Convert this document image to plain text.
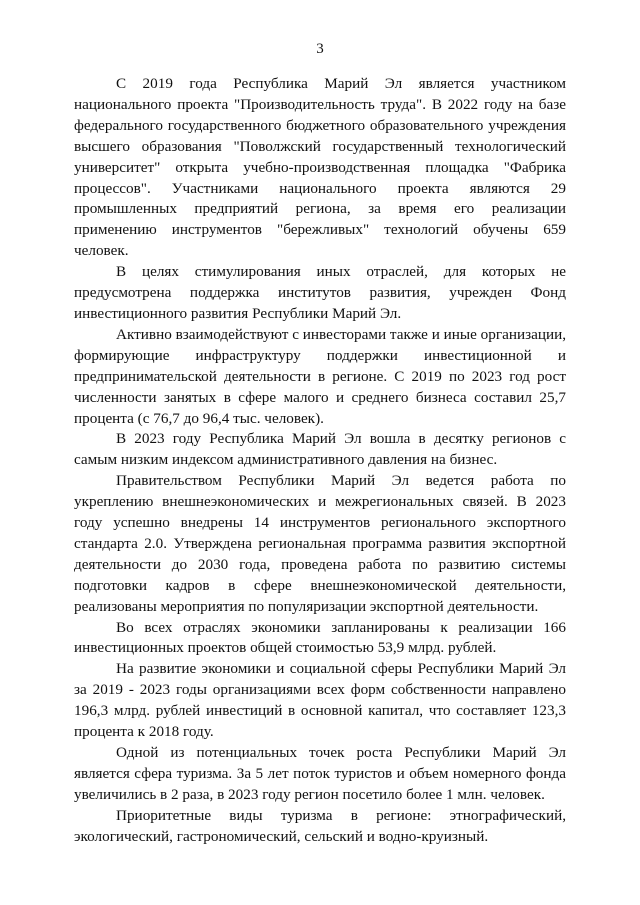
3

С 2019 года Республика Марий Эл является участником национального проекта "Производительность труда". В 2022 году на базе федерального государственного бюджетного образовательного учреждения высшего образования "Поволжский государственный технологический университет" открыта учебно-производственная площадка "Фабрика процессов". Участниками национального проекта являются 29 промышленных предприятий региона, за время его реализации применению инструментов "бережливых" технологий обучены 659 человек.

В целях стимулирования иных отраслей, для которых не предусмотрена поддержка институтов развития, учрежден Фонд инвестиционного развития Республики Марий Эл.

Активно взаимодействуют с инвесторами также и иные организации, формирующие инфраструктуру поддержки инвестиционной и предпринимательской деятельности в регионе. С 2019 по 2023 год рост численности занятых в сфере малого и среднего бизнеса составил 25,7 процента (с 76,7 до 96,4 тыс. человек).

В 2023 году Республика Марий Эл вошла в десятку регионов с самым низким индексом административного давления на бизнес.

Правительством Республики Марий Эл ведется работа по укреплению внешнеэкономических и межрегиональных связей. В 2023 году успешно внедрены 14 инструментов регионального экспортного стандарта 2.0. Утверждена региональная программа развития экспортной деятельности до 2030 года, проведена работа по развитию системы подготовки кадров в сфере внешнеэкономической деятельности, реализованы мероприятия по популяризации экспортной деятельности.

Во всех отраслях экономики запланированы к реализации 166 инвестиционных проектов общей стоимостью 53,9 млрд. рублей.

На развитие экономики и социальной сферы Республики Марий Эл за 2019 - 2023 годы организациями всех форм собственности направлено 196,3 млрд. рублей инвестиций в основной капитал, что составляет 123,3 процента к 2018 году.

Одной из потенциальных точек роста Республики Марий Эл является сфера туризма. За 5 лет поток туристов и объем номерного фонда увеличились в 2 раза, в 2023 году регион посетило более 1 млн. человек.

Приоритетные виды туризма в регионе: этнографический, экологический, гастрономический, сельский и водно-круизный.
